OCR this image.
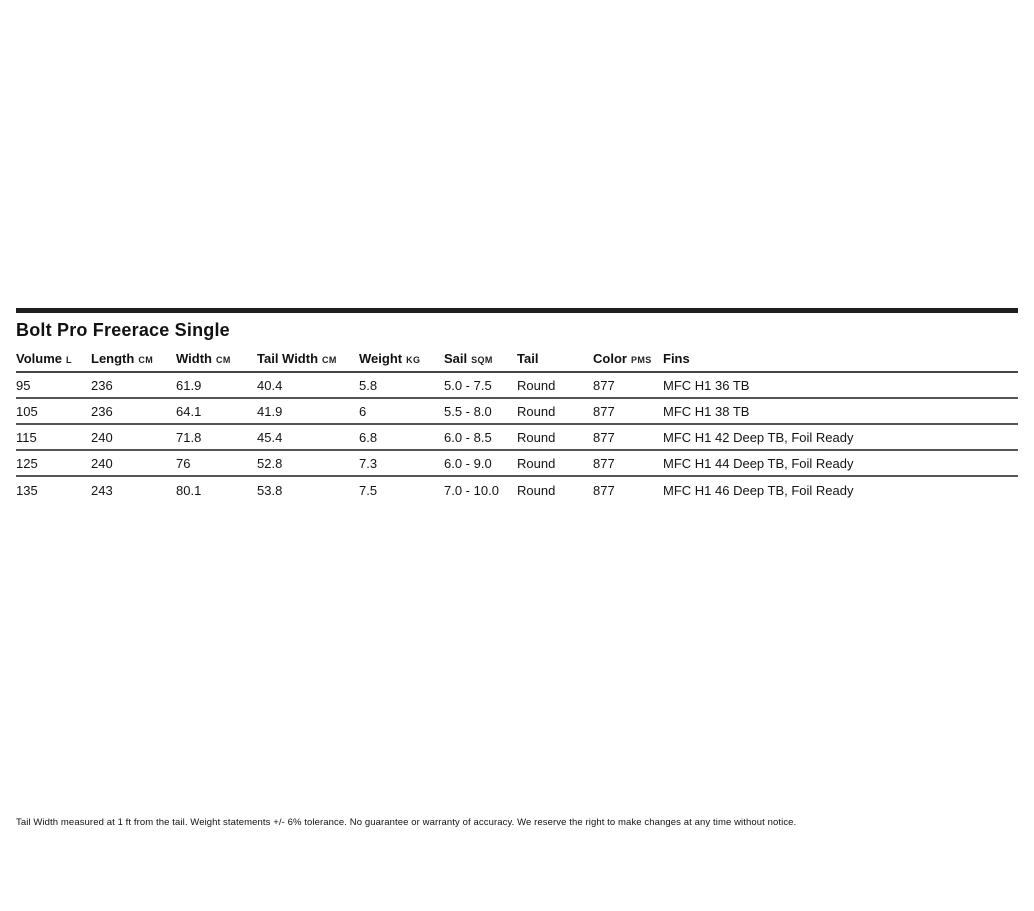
Bolt Pro Freerace Single
Volume L	Length CM	Width CM	Tail Width CM	Weight KG	Sail SQM	Tail	Color PMS	Fins
95	236	61.9	40.4	5.8	5.0 - 7.5	Round	877	MFC H1 36 TB
105	236	64.1	41.9	6	5.5 - 8.0	Round	877	MFC H1 38 TB
115	240	71.8	45.4	6.8	6.0 - 8.5	Round	877	MFC H1 42 Deep TB, Foil Ready
125	240	76	52.8	7.3	6.0 - 9.0	Round	877	MFC H1 44 Deep TB, Foil Ready
135	243	80.1	53.8	7.5	7.0 - 10.0	Round	877	MFC H1 46 Deep TB, Foil Ready

Tail Width measured at 1 ft from the tail. Weight statements +/- 6% tolerance. No guarantee or warranty of accuracy. We reserve the right to make changes at any time without notice.
